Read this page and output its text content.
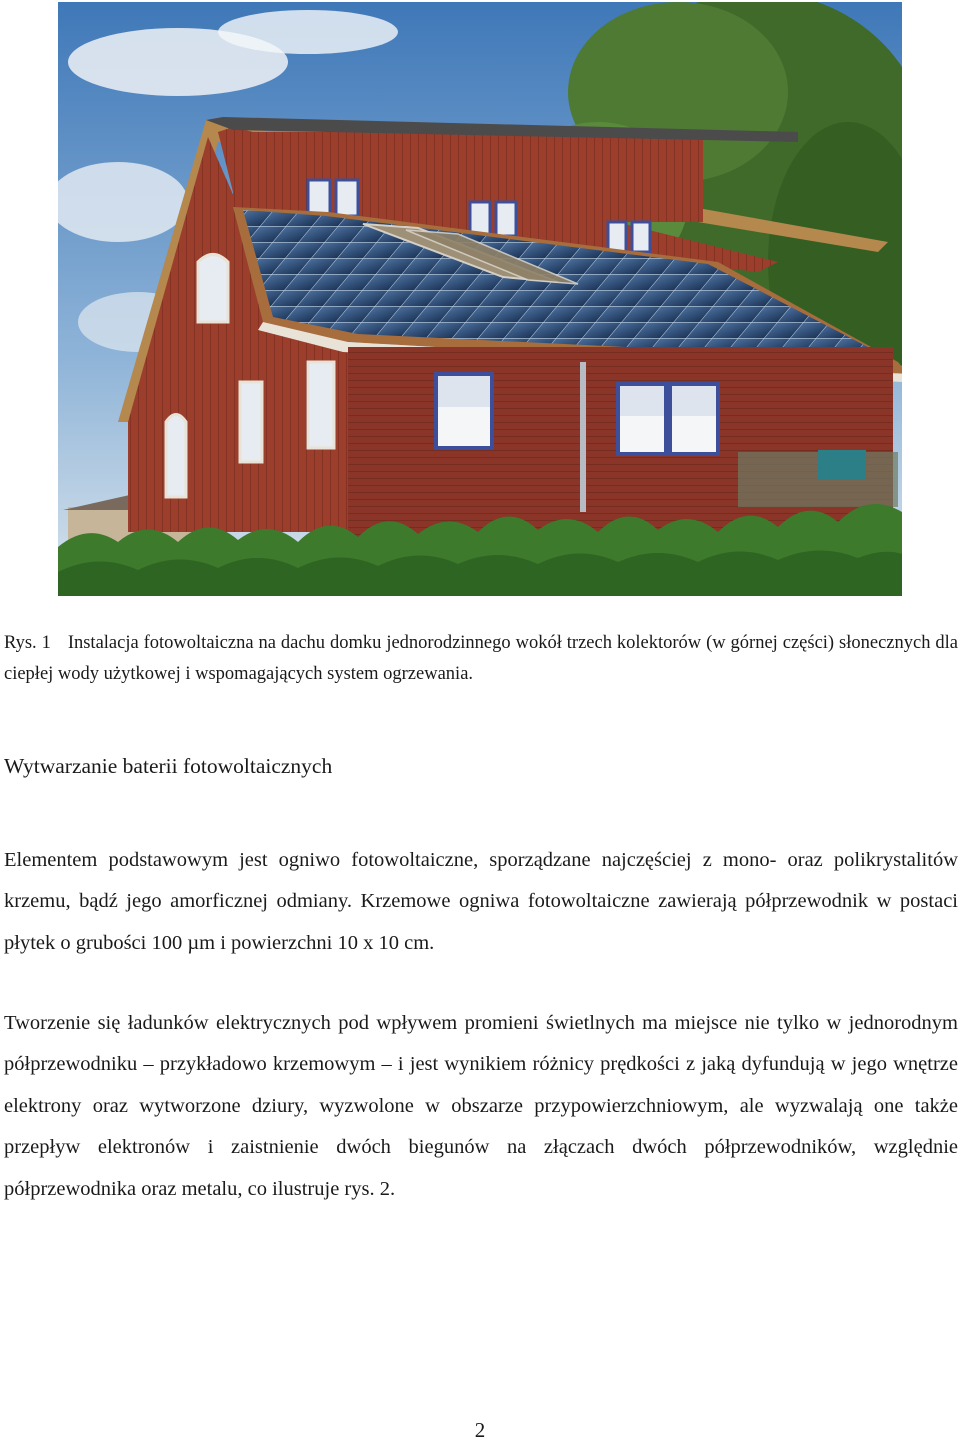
Rys. 1 Instalacja fotowoltaiczna na dachu domku jednorodzinnego wokół trzech kolektorów (w górnej części) słonecznych dla ciepłej wody użytkowej i wspomagających system ogrzewania.
Wytwarzanie baterii fotowoltaicznych

Elementem podstawowym jest ogniwo fotowoltaiczne, sporządzane najczęściej z mono- oraz polikrystalitów krzemu, bądź jego amorficznej odmiany. Krzemowe ogniwa fotowoltaiczne zawierają półprzewodnik w postaci płytek o grubości 100 µm i powierzchni 10 x 10 cm.

Tworzenie się ładunków elektrycznych pod wpływem promieni świetlnych ma miejsce nie tylko w jednorodnym półprzewodniku – przykładowo krzemowym – i jest wynikiem różnicy prędkości z jaką dyfundują w jego wnętrze elektrony oraz wytworzone dziury, wyzwolone w obszarze przypowierzchniowym, ale wyzwalają one także przepływ elektronów i zaistnienie dwóch biegunów na złączach dwóch półprzewodników, względnie półprzewodnika oraz metalu, co ilustruje rys. 2.

2
